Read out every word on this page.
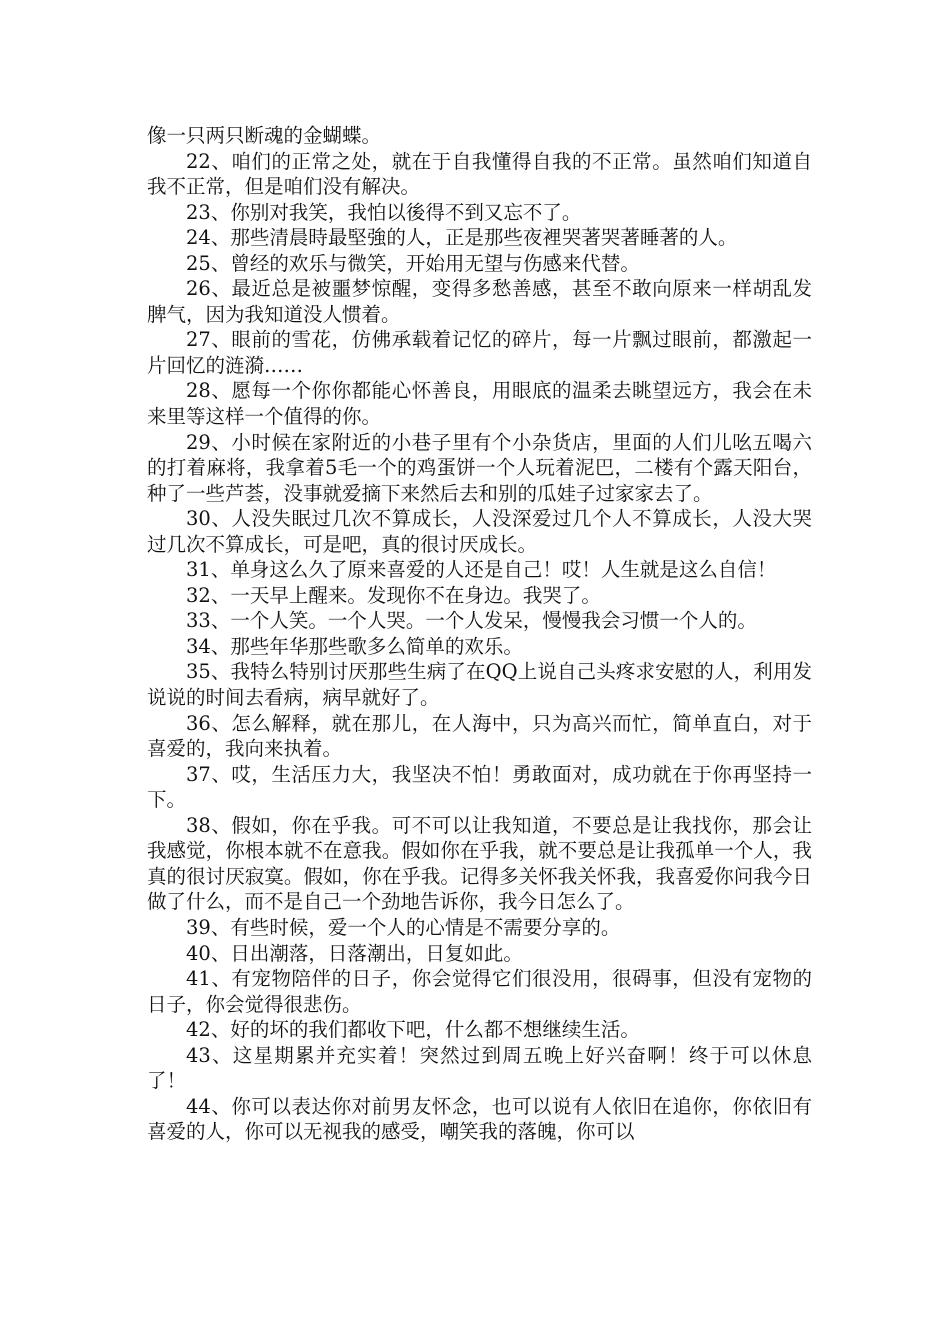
像一只两只断魂的金蝴蝶。

22、咱们的正常之处，就在于自我懂得自我的不正常。虽然咱们知道自我不正常，但是咱们没有解决。

23、你别对我笑，我怕以後得不到又忘不了。

24、那些清晨時最堅強的人，正是那些夜裡哭著哭著睡著的人。

25、曾经的欢乐与微笑，开始用无望与伤感来代替。

26、最近总是被噩梦惊醒，变得多愁善感，甚至不敢向原来一样胡乱发脾气，因为我知道没人惯着。

27、眼前的雪花，仿佛承载着记忆的碎片，每一片飘过眼前，都激起一片回忆的涟漪……

28、愿每一个你你都能心怀善良，用眼底的温柔去眺望远方，我会在未来里等这样一个值得的你。

29、小时候在家附近的小巷子里有个小杂货店，里面的人们儿吆五喝六的打着麻将，我拿着5毛一个的鸡蛋饼一个人玩着泥巴，二楼有个露天阳台，种了一些芦荟，没事就爱摘下来然后去和别的瓜娃子过家家去了。

30、人没失眠过几次不算成长，人没深爱过几个人不算成长，人没大哭过几次不算成长，可是吧，真的很讨厌成长。

31、单身这么久了原来喜爱的人还是自己！哎！人生就是这么自信！

32、一天早上醒来。发现你不在身边。我哭了。

33、一个人笑。一个人哭。一个人发呆，慢慢我会习惯一个人的。

34、那些年华那些歌多么简单的欢乐。

35、我特么特别讨厌那些生病了在QQ上说自己头疼求安慰的人，利用发说说的时间去看病，病早就好了。

36、怎么解释，就在那儿，在人海中，只为高兴而忙，简单直白，对于喜爱的，我向来执着。

37、哎，生活压力大，我坚决不怕！勇敢面对，成功就在于你再坚持一下。

38、假如，你在乎我。可不可以让我知道，不要总是让我找你，那会让我感觉，你根本就不在意我。假如你在乎我，就不要总是让我孤单一个人，我真的很讨厌寂寞。假如，你在乎我。记得多关怀我关怀我，我喜爱你问我今日做了什么，而不是自己一个劲地告诉你，我今日怎么了。

39、有些时候，爱一个人的心情是不需要分享的。

40、日出潮落，日落潮出，日复如此。

41、有宠物陪伴的日子，你会觉得它们很没用，很碍事，但没有宠物的日子，你会觉得很悲伤。

42、好的坏的我们都收下吧，什么都不想继续生活。

43、这星期累并充实着！突然过到周五晚上好兴奋啊！终于可以休息了！

44、你可以表达你对前男友怀念，也可以说有人依旧在追你，你依旧有喜爱的人，你可以无视我的感受，嘲笑我的落魄，你可以
